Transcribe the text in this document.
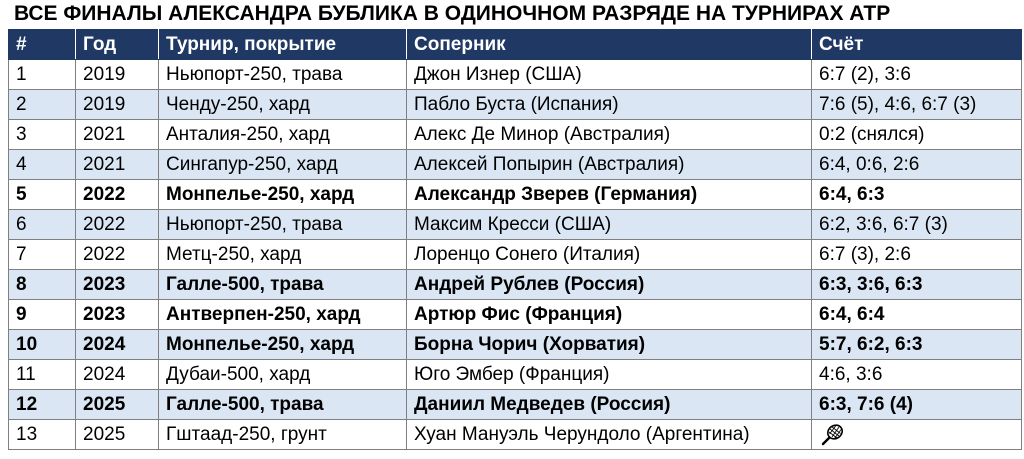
ВСЕ ФИНАЛЫ АЛЕКСАНДРА БУБЛИКА В ОДИНОЧНОМ РАЗРЯДЕ НА ТУРНИРАХ АТР
#	Год	Турнир, покрытие	Соперник	Счёт
1	2019	Ньюпорт-250, трава	Джон Изнер (США)	6:7 (2), 3:6
2	2019	Ченду-250, хард	Пабло Буста (Испания)	7:6 (5), 4:6, 6:7 (3)
3	2021	Анталия-250, хард	Алекс Де Минор (Австралия)	0:2 (снялся)
4	2021	Сингапур-250, хард	Алексей Попырин (Австралия)	6:4, 0:6, 2:6
5	2022	Монпелье-250, хард	Александр Зверев (Германия)	6:4, 6:3
6	2022	Ньюпорт-250, трава	Максим Кресси (США)	6:2, 3:6, 6:7 (3)
7	2022	Метц-250, хард	Лоренцо Сонего (Италия)	6:7 (3), 2:6
8	2023	Галле-500, трава	Андрей Рублев (Россия)	6:3, 3:6, 6:3
9	2023	Антверпен-250, хард	Артюр Фис (Франция)	6:4, 6:4
10	2024	Монпелье-250, хард	Борна Чорич (Хорватия)	5:7, 6:2, 6:3
11	2024	Дубаи-500, хард	Юго Эмбер (Франция)	4:6, 3:6
12	2025	Галле-500, трава	Даниил Медведев (Россия)	6:3, 7:6 (4)
13	2025	Гштаад-250, грунт	Хуан Мануэль Черундоло (Аргентина)	
